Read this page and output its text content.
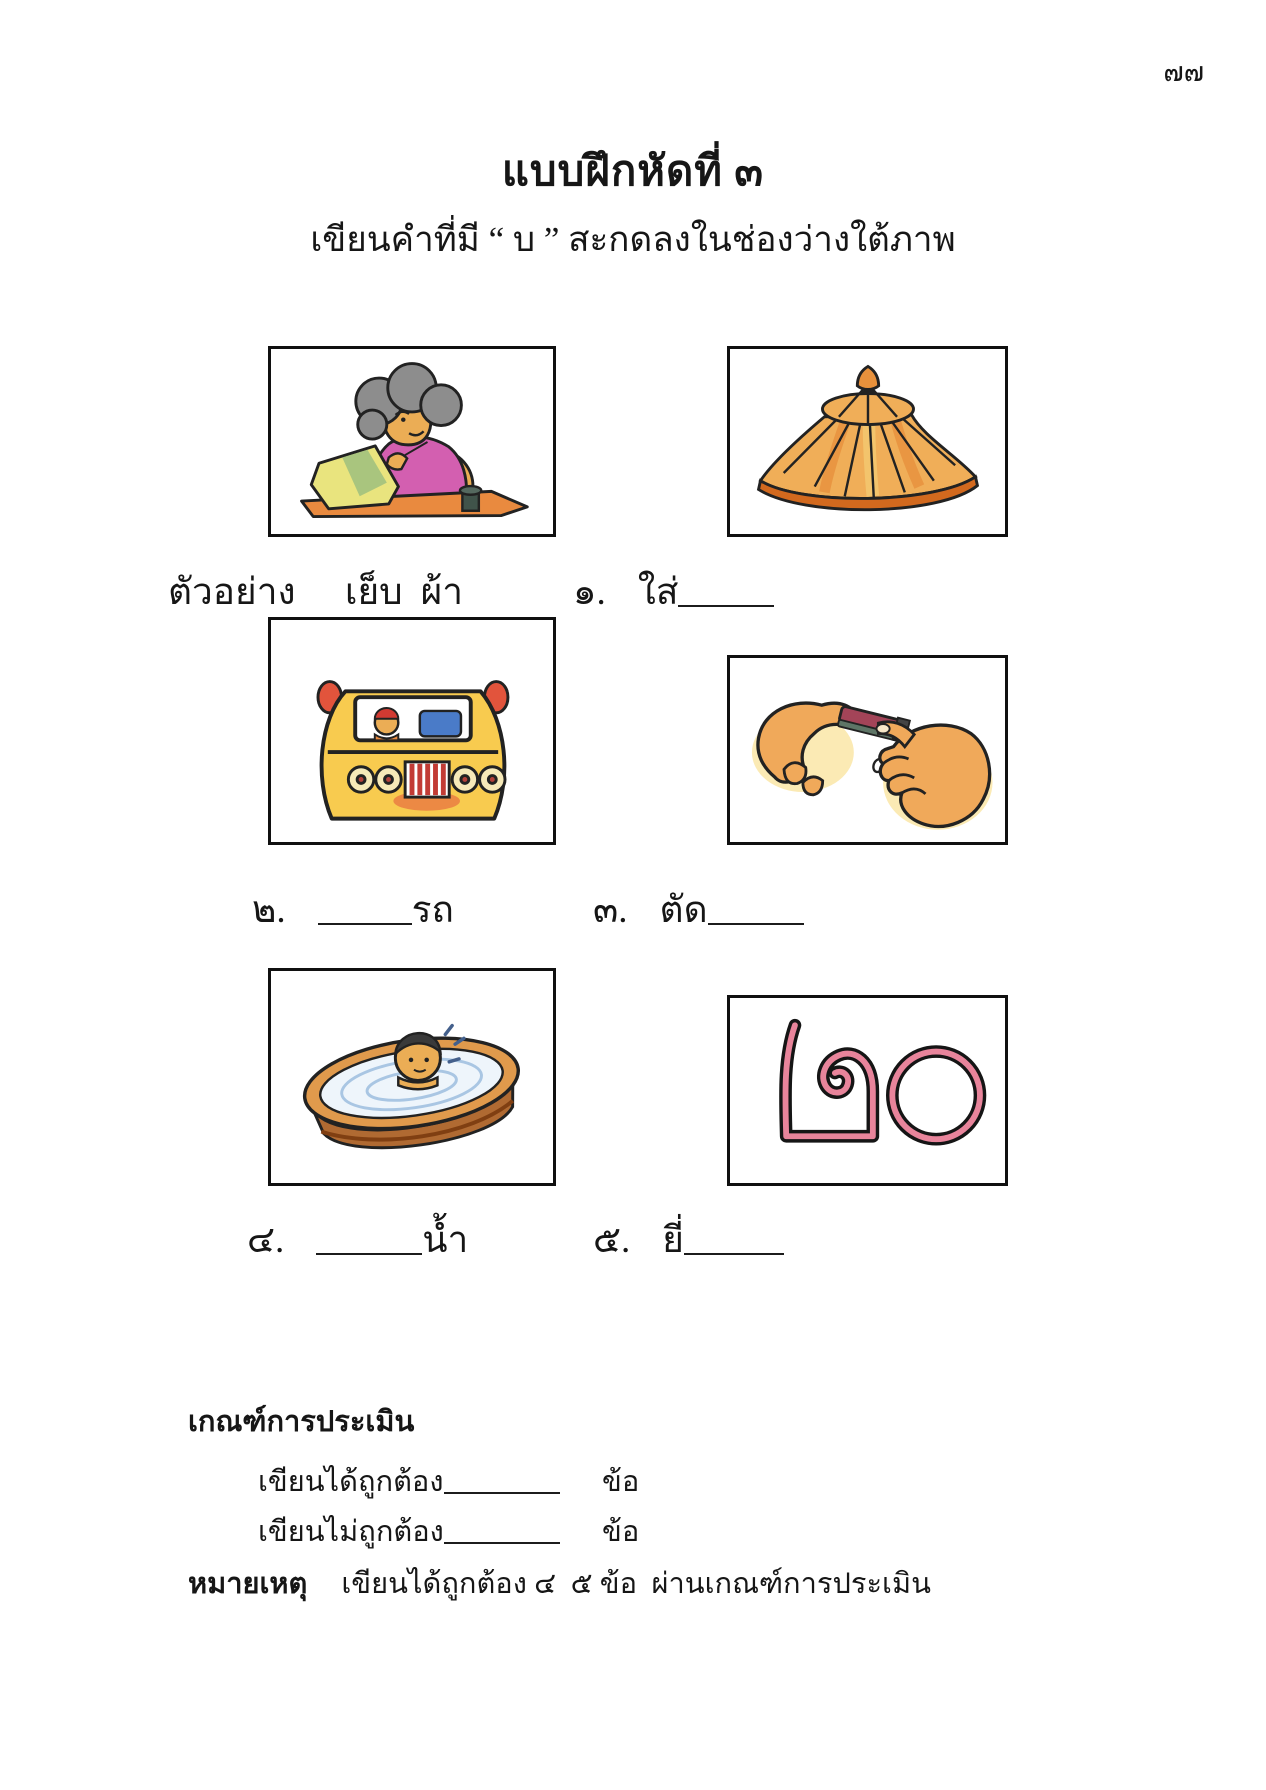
๗๗
แบบฝึกหัดที่ ๓
เขียนคำที่มี “ บ ” สะกดลงในช่องว่างใต้ภาพ
ตัวอย่าง เย็บ ผ้า	๑. ใส่
๒.	รถ	๓. ตัด
๔.	น้ำ	๕. ยี่
เกณฑ์การประเมิน
เขียนได้ถูกต้อง	ข้อ
เขียนไม่ถูกต้อง	ข้อ
หมายเหตุ เขียนได้ถูกต้อง ๔  ๕ ข้อ  ผ่านเกณฑ์การประเมิน
